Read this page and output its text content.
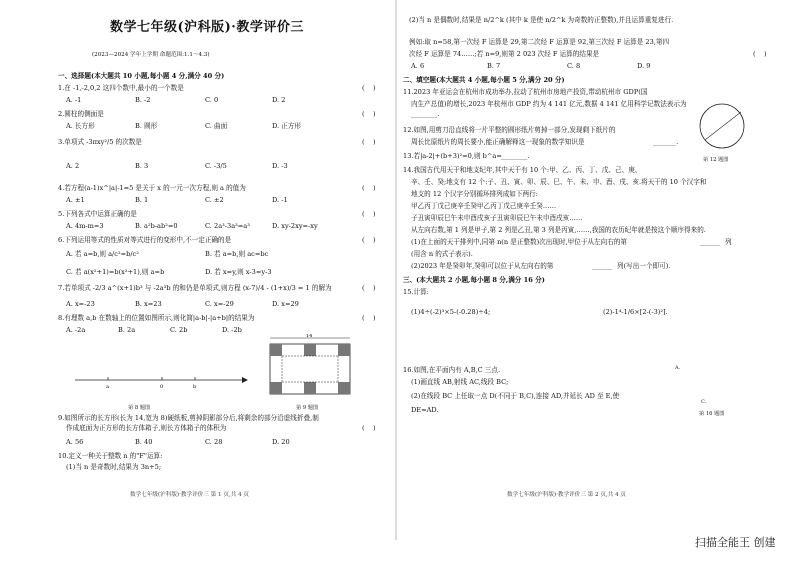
数学七年级(沪科版)·教学评价三
(2023—2024 学年上学期 命题范围:1.1～4.3)
一、选择题(本大题共 10 小题,每小题 4 分,满分 40 分)
1.在 -1,-2,0,2 这四个数中,最小的一个数是	(    )
A. -1	B. -2	C. 0	D. 2
2.圆柱的侧面是	(    )
A. 长方形	B. 圆形	C. 曲面	D. 正方形
3.单项式 -3πxy²/5 的次数是	(    )
A. 2	B. 3	C. -3/5	D. -3
4.若方程(a-1)x^|a|-1=5 是关于 x 的一元一次方程,则 a 的值为	(    )
A. ±1	B. 1	C. ±2	D. -1
5.下列各式中运算正确的是	(    )
A. 4m-m=3	B. a²b-ab²=0	C. 2a³-3a³=a³	D. xy-2xy=-xy
6.下列运用等式的性质对等式进行的变形中,不一定正确的是	(    )
A. 若 a=b,则 a/c²=b/c²	B. 若 a=b,则 ac=bc
C. 若 a(x²+1)=b(x²+1),则 a=b	D. 若 x=y,则 x-3=y-3
7.若单项式 -2/3 a^(x+1)b³ 与 -2a³b 的和仍是单项式,则方程 (x-7)/4 - (1+x)/3 = 1 的解为	(    )
A. x=-23	B. x=23	C. x=-29	D. x=29
8.有理数 a,b 在数轴上的位置如图所示,则化简|a-b|-|a+b|的结果为	(    )
A. -2a	B. 2a	C. 2b	D. -2b
a	0	b
第 8 题图
14
第 9 题图
9.如图所示的长方形(长为 14,宽为 8)硬纸板,剪掉阴影部分后,将剩余的部分沿虚线折叠,制
作成底面为正方形的长方体箱子,则长方体箱子的体积为	(    )
A. 56	B. 40	C. 28	D. 20
10.定义一种关于整数 n 的"F"运算:
(1)当 n 是奇数时,结果为 3n+5;
数学七年级(沪科版)·教学评价三 第 1 页,共 4 页
(2)当 n 是偶数时,结果是 n/2^k (其中 k 是使 n/2^k 为奇数的正整数),并且运算重复进行.
例如:取 n=58,第一次经 F 运算是 29,第二次经 F 运算是 92,第三次经 F 运算是 23,第四
次经 F 运算是 74……;若 n=9,则第 2 023 次经 F 运算的结果是	(    )
A. 6	B. 7	C. 8	D. 9
二、填空题(本大题共 4 小题,每小题 5 分,满分 20 分)
11.2023 年亚运会在杭州市成功举办,拉动了杭州市房地产投资,带动杭州市 GDP(国
内生产总值)的增长,2023 年杭州市 GDP 约为 4 141 亿元,数据 4 141 亿用科学记数法表示为
________.
12.如图,用剪刀沿直线将一片平整的圆形纸片剪掉一部分,发现剩下纸片的
周长比原纸片的周长要小,能正确解释这一现象的数学知识是	_______.
第 12 题图
13.若|a-2|+(b+3)²=0,则 b^a= ________.
14.我国古代用天干和地支纪年,其中天干有 10 个:甲、乙、丙、丁、戊、己、庚、
辛、壬、癸;地支有 12 个:子、丑、寅、卯、辰、巳、午、未、申、酉、戌、亥.将天干的 10 个汉字和
地支的 12 个汉字分别循环排列成如下两行:
甲乙丙丁戊己庚辛壬癸甲乙丙丁戊己庚辛壬癸……
子丑寅卯辰巳午未申酉戌亥子丑寅卯辰巳午未申酉戌亥……
从左向右数,第 1 列是甲子,第 2 列是乙丑,第 3 列是丙寅,……,我国的农历纪年就是按这个顺序得来的.
(1)在上面的天干排列中,同第 n(n 是正整数)次出现时,甲位于从左向右的第	______ 列
(用含 n 的式子表示).
(2)2023 年是癸卯年,癸卯可以位于从左向右的第	______ 列(写出一个即可).
三、(本大题共 2 小题,每小题 8 分,满分 16 分)
15.计算:
(1)4÷(-2)³×5-(-0.28)÷4;	(2)-1⁴-1/6×[2-(-3)²].
16.如图,在平面内有 A,B,C 三点.
(1)画直线 AB,射线 AC,线段 BC;
(2)在线段 BC 上任取一点 D(不同于 B,C),连接 AD,并延长 AD 至 E,使
DE=AD.
A.
C.
第 16 题图
数学七年级(沪科版)·教学评价三 第 2 页,共 4 页
扫描全能王 创建
